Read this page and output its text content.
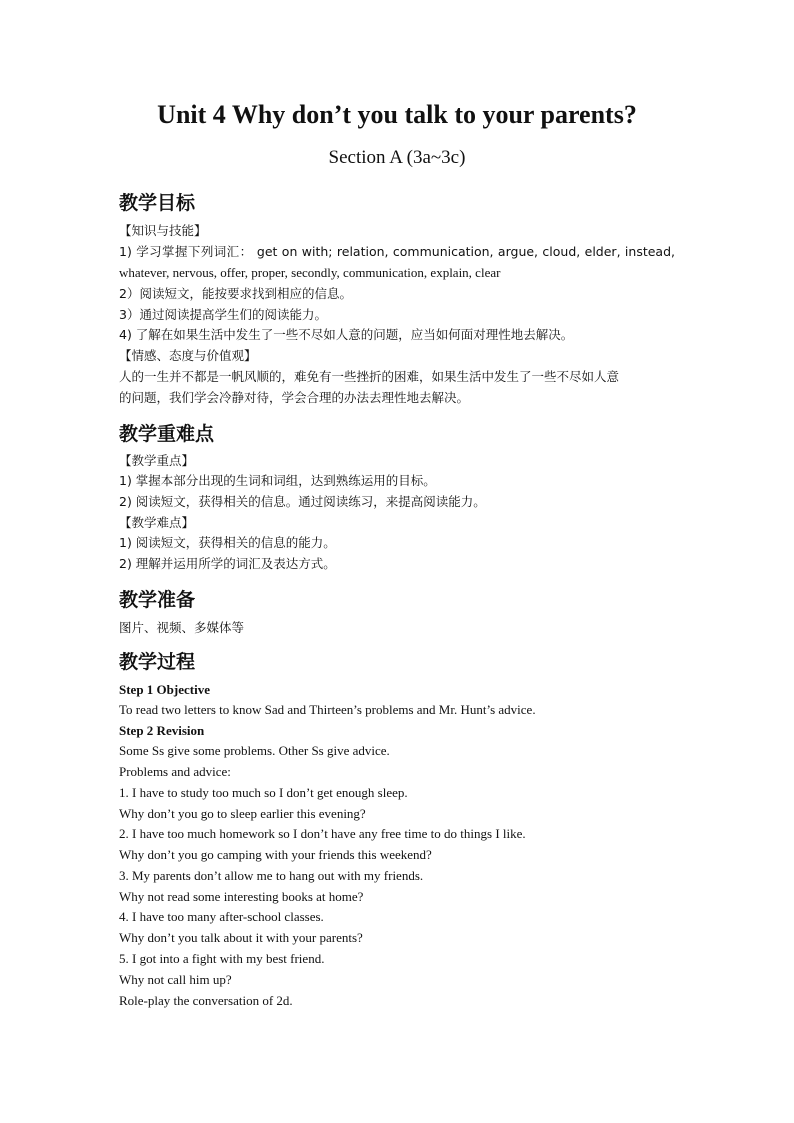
Unit 4 Why don’t you talk to your parents?
Section A (3a~3c)
教学目标
【知识与技能】
1) 学习掌握下列词汇： get on with; relation, communication, argue, cloud, elder, instead,
whatever, nervous, offer, proper, secondly, communication, explain, clear
2）阅读短文，能按要求找到相应的信息。
3）通过阅读提高学生们的阅读能力。
4) 了解在如果生活中发生了一些不尽如人意的问题，应当如何面对理性地去解决。
【情感、态度与价值观】
人的一生并不都是一帆风顺的，难免有一些挫折的困难，如果生活中发生了一些不尽如人意
的问题，我们学会冷静对待，学会合理的办法去理性地去解决。
教学重难点
【教学重点】
1) 掌握本部分出现的生词和词组，达到熟练运用的目标。
2) 阅读短文，获得相关的信息。通过阅读练习，来提高阅读能力。
【教学难点】
1) 阅读短文，获得相关的信息的能力。
2) 理解并运用所学的词汇及表达方式。
教学准备
图片、视频、多媒体等
教学过程
Step 1 Objective
To read two letters to know Sad and Thirteen’s problems and Mr. Hunt’s advice.
Step 2 Revision
Some Ss give some problems. Other Ss give advice.
Problems and advice:
1. I have to study too much so I don’t get enough sleep.
Why don’t you go to sleep earlier this evening?
2. I have too much homework so I don’t have any free time to do things I like.
Why don’t you go camping with your friends this weekend?
3. My parents don’t allow me to hang out with my friends.
Why not read some interesting books at home?
4. I have too many after-school classes.
Why don’t you talk about it with your parents?
5. I got into a fight with my best friend.
Why not call him up?
Role-play the conversation of 2d.
